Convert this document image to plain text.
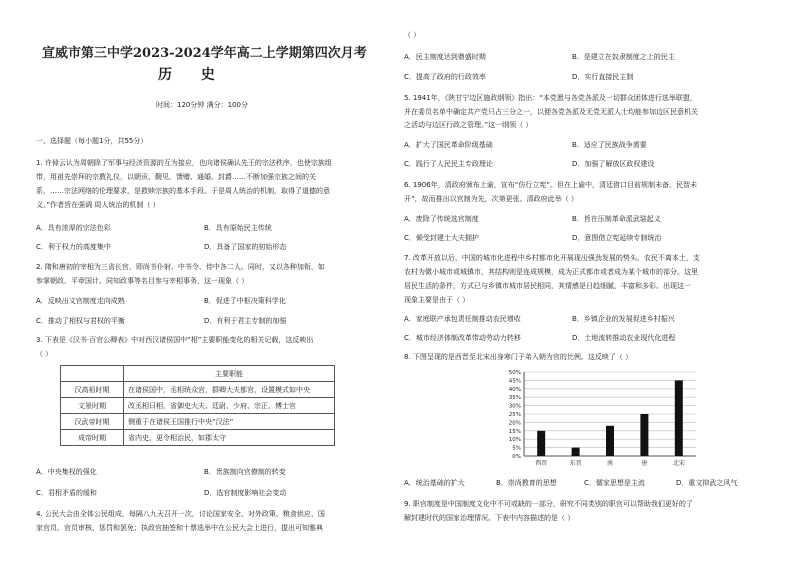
宣威市第三中学2023-2024学年高二上学期第四次月考
历 史
时间：120分钟 满分：100分
一、选择题（每小题1分，共55分）
1. 许倬云认为周朝除了军事与经济资源的互为接应，也向诸侯确认先王的宗法秩序，也使宗族组
带，用祖先崇拜的宗教礼仪，以朝贡、觐见、馈赠、通婚、封爵……不断加强宗族之间的关
系，……宗法网络的伦理要求，是救赎宗族的基本手段。于是周人统治的机制，取得了道德的意
义。”作者旨在强调 周人统治的机制（ ）
A．具有浓厚的宗法色彩	B．具有原始民主传统
C．利于权力的高度集中	D．具备了国家的初始形态
2. 隋和唐初的宰相为三省长官，即尚书仆射、中书令、侍中各二人。同时，又以各种加衔，如
参掌朝政、平章国计、同知政事等名目参与宰相事务，这一现象（ ）
A．反映出文官制度走向成熟	B．促进了中枢决策科学化
C．推动了相权与君权的平衡	D．有利于君主专制的加强
3. 下表是《汉书·百官公卿表》中对西汉诸侯国中“相”主要职能变化的相关记载，这反映出
（ ）
	主要职能
汉高祖时期	在诸侯国中，丞相统众官，群卿大夫都官，设置模式如中央
文景时期	改丞相曰相，省御史大夫、廷尉、少府、宗正、博士官
汉武帝时期	侧重于在诸侯王国推行中央“汉法”
成帝时期	省内史，更令相治民，如郡太守
A．中央集权的强化	B．贵族制向官僚制的转变
C．君相矛盾的缓和	D．选官制度影响社会变动
4. 公民大会由全体公民组成，每隔八九天召开一次，讨论国家安全、对外政策、粮食供应、国
家官员、官员审核、惩罚和罢免；执政官抽签和十票选举中在公民大会上进行，提出可知雅典
（ ）
A．民主制度达到鼎盛时期	B．是建立在奴隶制度之上的民主
C．提高了政府的行政效率	D．实行直接民主制
5. 1941年，《陕甘宁边区施政纲领》指出：“本党愿与各党各派及一切群众团体进行选举联盟，
并在委员名单中确定共产党只占三分之一，以便各党各派及无党无派人士均能参加边区民意机关
之活动与边区行政之管理。”这一纲领（ ）
A．扩大了国民革命阶级基础	B．适应了民族战争需要
C．践行了人民民主专政理论	D．加强了解放区政权建设
6. 1906年，清政府颁布上谕，宣布“仿行立宪”。但在上谕中，清廷借口目前规制未备，民智未
开”，故而推出以官制为先，次第更张。清政府此举（ ）
A．废除了传统选官制度	B．旨在压制革命派武装起义
C．倾受封建士大夫拥护	D．意图借立宪延续专制统治
7. 改革开放以后，中国的城市化进程中乡村都市化开展现出强劲发展的势头。农民不离本土，支
农村为微小城市或城镇市，其结构则是连成规模，成为正式都市或者成为某个城市的部分。这里
居民生活的条件，方式已与乡镇市城市居民相同，其情感是日趋细腻，丰富和多彩。出现这一
现象主要是由于（ ）
A．家庭联产承包责任制推动农民增收	B．乡镇企业的发展促进乡村振兴
C．城市经济体制改革带动劳动力转移	D．土地流转推动农业现代化进程
8. 下图呈现的是西晋至北宋出身寒门子弟入朝为官的比例。这反映了（ ）
0%
5%
10%
15%
20%
25%
30%
35%
40%
45%
50%
西晋	东晋	南	唐	北宋
A．统治基础的扩大	B．崇尚教育的思想	C．儒家思想是主流	D．重文抑武之风气
9. 职官制度是中国制度文化中不可或缺的一部分，研究不同类别的职官可以帮助我们更好的了
解封建时代的国家治理情况。下表中内容描述的是（ ）
